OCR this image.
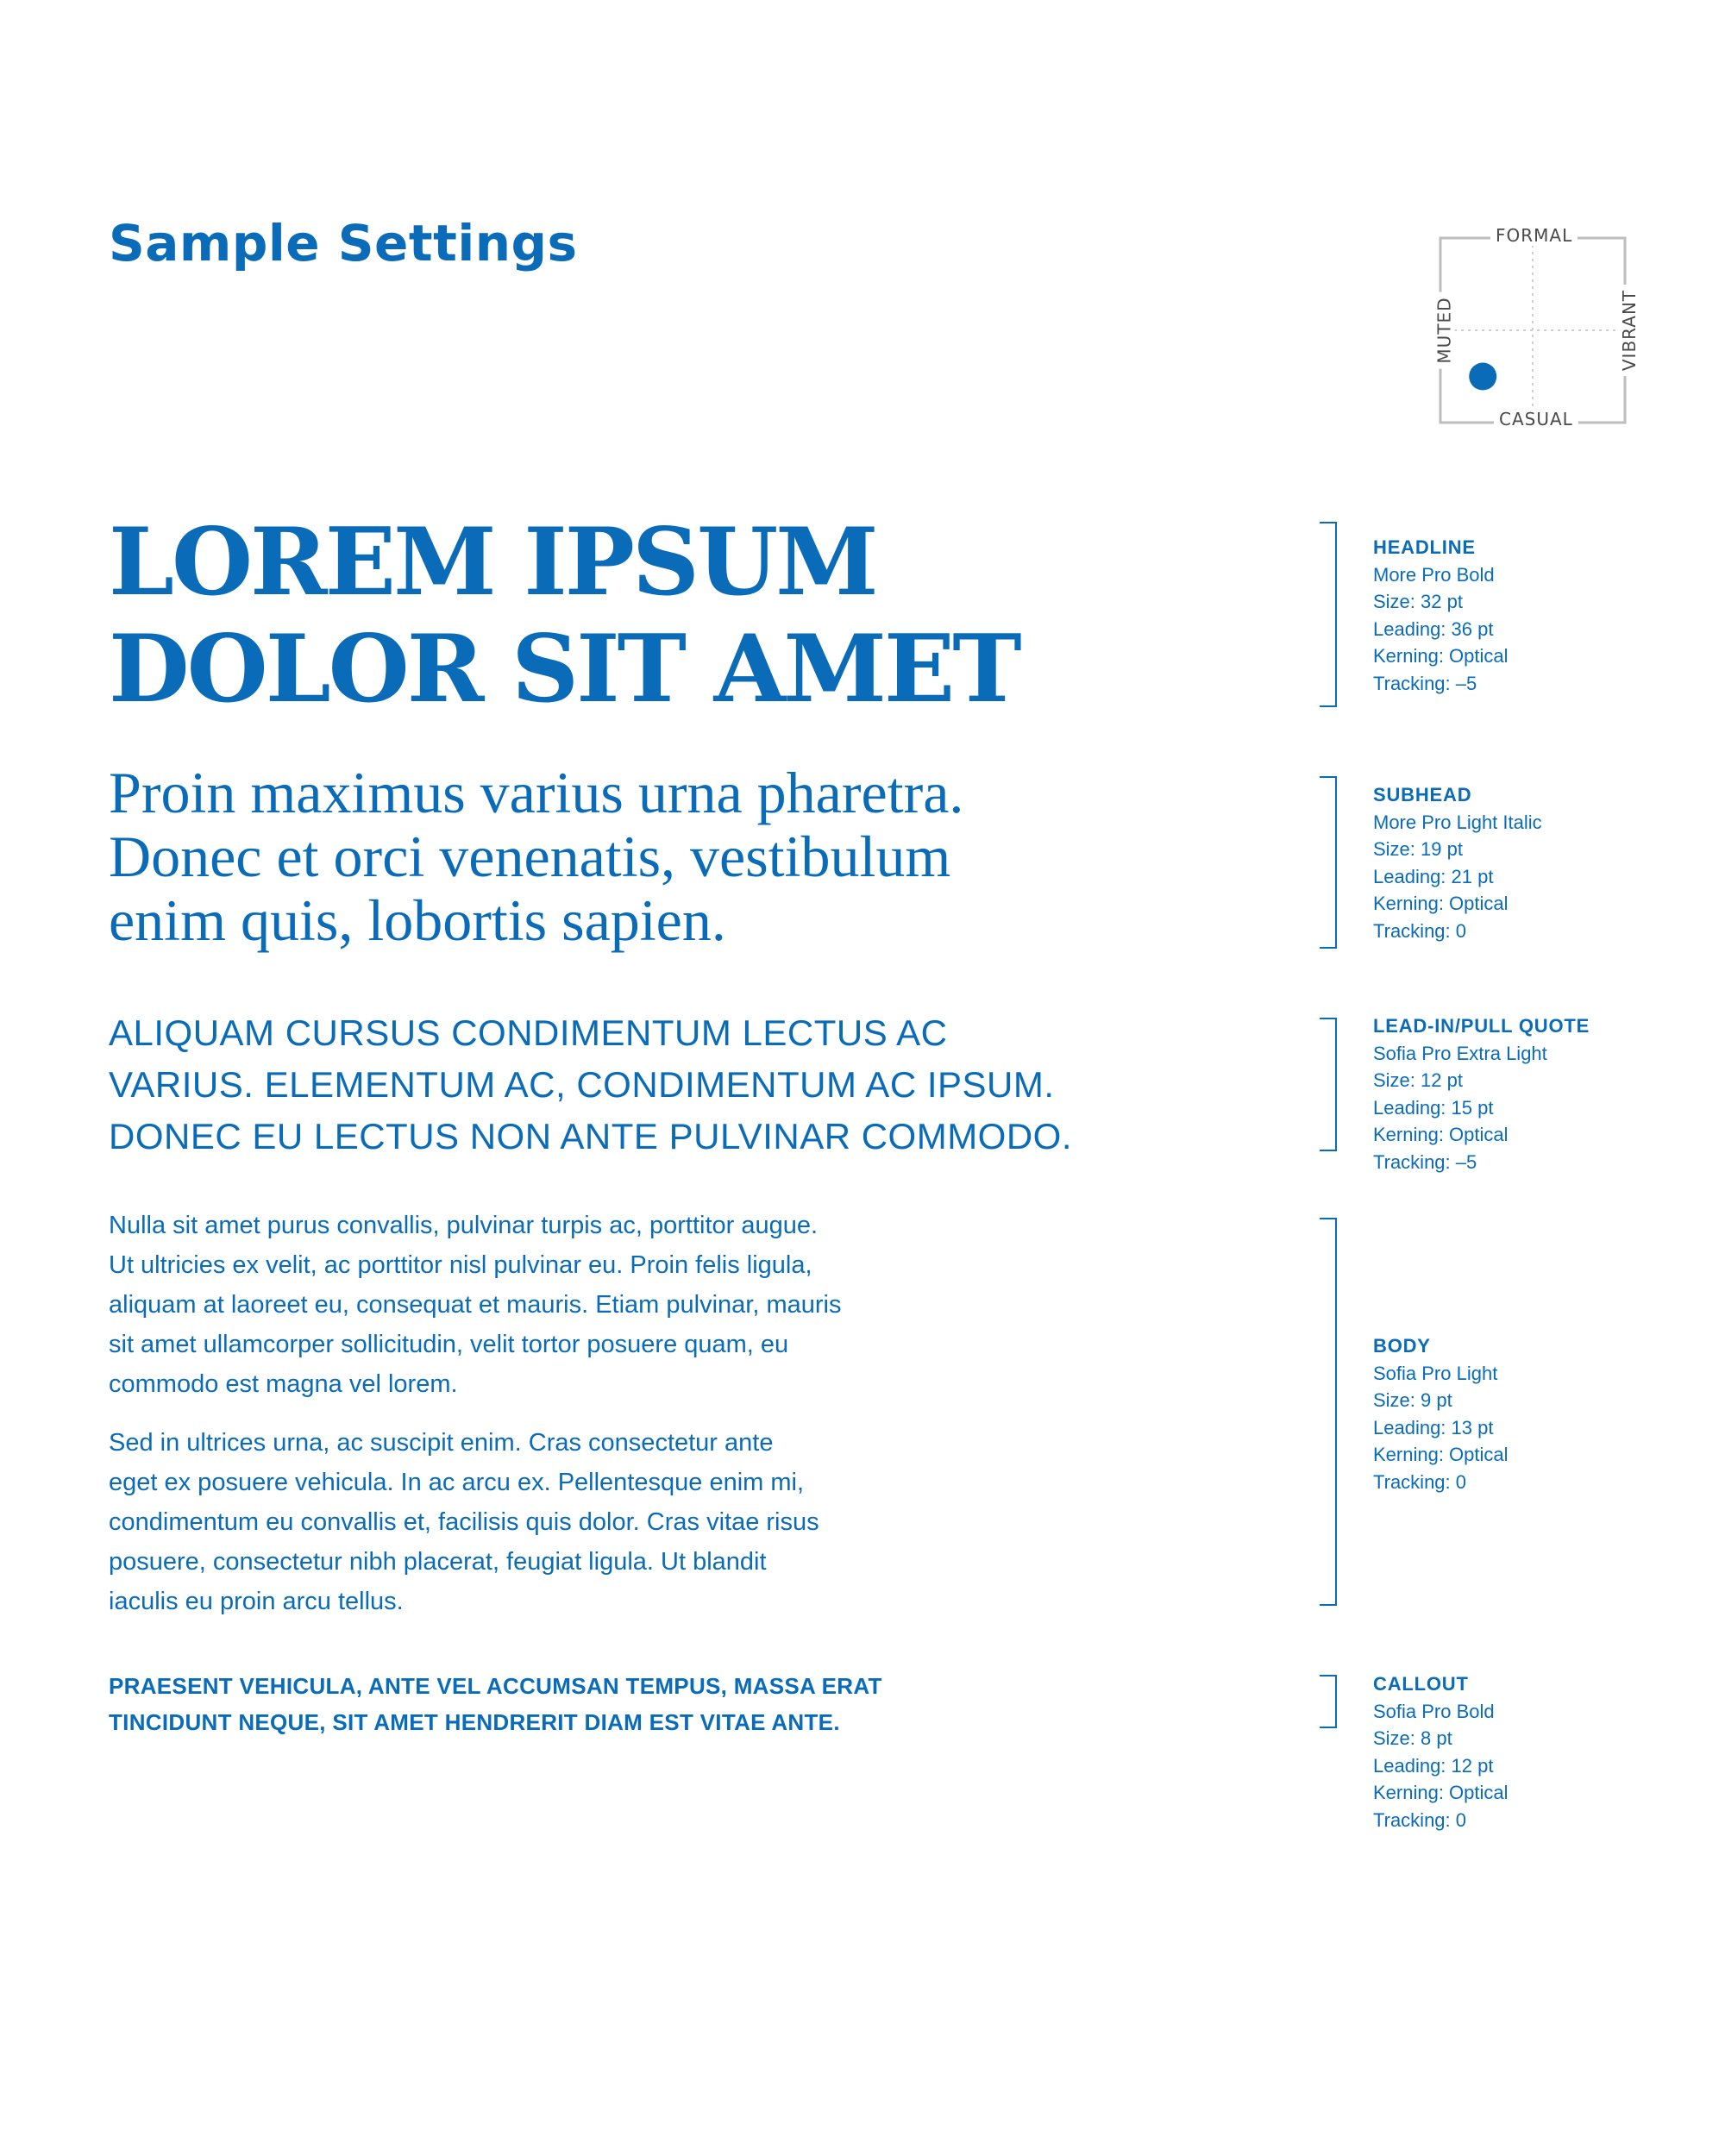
Sample Settings	FORMAL
CASUAL
MUTED	VIBRANT
LOREM IPSUM
DOLOR SIT AMET
Proin maximus varius urna pharetra.
Donec et orci venenatis, vestibulum
enim quis, lobortis sapien.
ALIQUAM CURSUS CONDIMENTUM LECTUS AC
VARIUS. ELEMENTUM AC, CONDIMENTUM AC IPSUM.
DONEC EU LECTUS NON ANTE PULVINAR COMMODO.
Nulla sit amet purus convallis, pulvinar turpis ac, porttitor augue.
Ut ultricies ex velit, ac porttitor nisl pulvinar eu. Proin felis ligula,
aliquam at laoreet eu, consequat et mauris. Etiam pulvinar, mauris
sit amet ullamcorper sollicitudin, velit tortor posuere quam, eu
commodo est magna vel lorem.
Sed in ultrices urna, ac suscipit enim. Cras consectetur ante
eget ex posuere vehicula. In ac arcu ex. Pellentesque enim mi,
condimentum eu convallis et, facilisis quis dolor. Cras vitae risus
posuere, consectetur nibh placerat, feugiat ligula. Ut blandit
iaculis eu proin arcu tellus.
PRAESENT VEHICULA, ANTE VEL ACCUMSAN TEMPUS, MASSA ERAT
TINCIDUNT NEQUE, SIT AMET HENDRERIT DIAM EST VITAE ANTE.
HEADLINE
More Pro Bold
Size: 32 pt
Leading: 36 pt
Kerning: Optical
Tracking: –5
SUBHEAD
More Pro Light Italic
Size: 19 pt
Leading: 21 pt
Kerning: Optical
Tracking: 0
LEAD-IN/PULL QUOTE
Sofia Pro Extra Light
Size: 12 pt
Leading: 15 pt
Kerning: Optical
Tracking: –5
BODY
Sofia Pro Light
Size: 9 pt
Leading: 13 pt
Kerning: Optical
Tracking: 0
CALLOUT
Sofia Pro Bold
Size: 8 pt
Leading: 12 pt
Kerning: Optical
Tracking: 0
